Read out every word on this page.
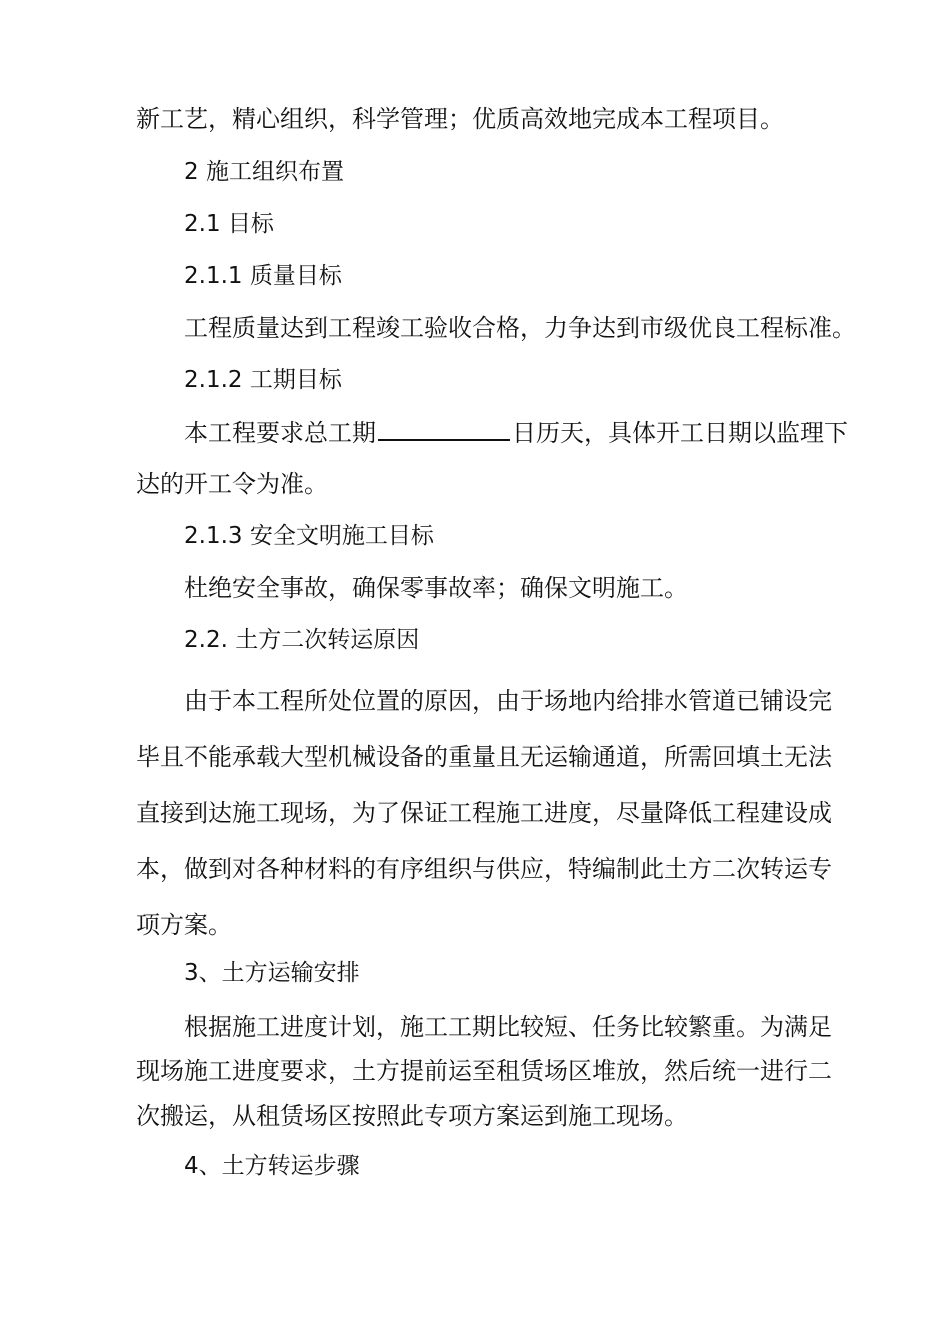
新工艺，精心组织，科学管理；优质高效地完成本工程项目。
2 施工组织布置
2.1 目标
2.1.1 质量目标
工程质量达到工程竣工验收合格，力争达到市级优良工程标准。
2.1.2 工期目标
本工程要求总工期	日历天，具体开工日期以监理下
达的开工令为准。
2.1.3 安全文明施工目标
杜绝安全事故，确保零事故率；确保文明施工。
2.2. 土方二次转运原因
由于本工程所处位置的原因，由于场地内给排水管道已铺设完
毕且不能承载大型机械设备的重量且无运输通道，所需回填土无法
直接到达施工现场，为了保证工程施工进度，尽量降低工程建设成
本，做到对各种材料的有序组织与供应，特编制此土方二次转运专
项方案。
3、土方运输安排
根据施工进度计划，施工工期比较短、任务比较繁重。为满足
现场施工进度要求，土方提前运至租赁场区堆放，然后统一进行二
次搬运，从租赁场区按照此专项方案运到施工现场。
4、土方转运步骤
